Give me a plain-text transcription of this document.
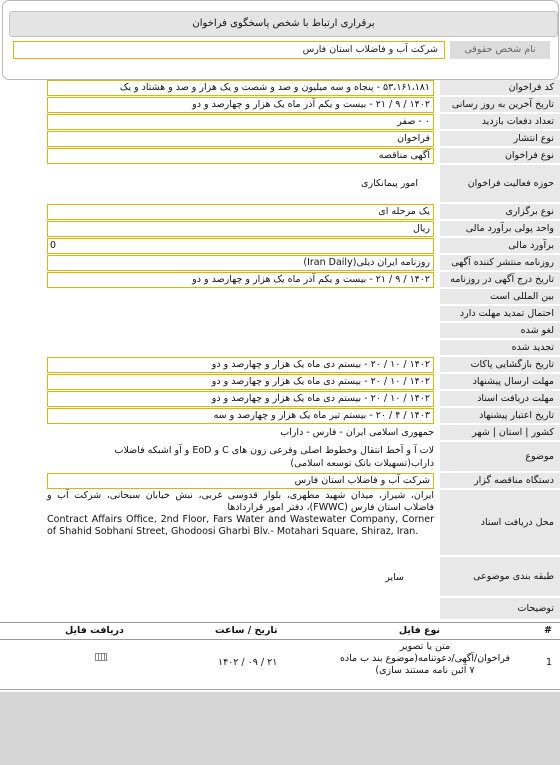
برقراری ارتباط با شخص پاسخگوی فراخوان
نام شخص حقوقی
شرکت آب و فاضلاب استان فارس
کد فراخوان
۵۳،۱۶۱،۱۸۱ - پنجاه و سه میلیون و صد و شصت و یک هزار و صد و هشتاد و یک
تاریخ آخرین به روز رسانی
۱۴۰۲ / ۹ / ۲۱ - بیست و یکم آذر ماه یک هزار و چهارصد و دو
تعداد دفعات بازدید
۰ - صفر
نوع انتشار
فراخوان
نوع فراخوان
آگهی مناقصه
حوزه فعالیت فراخوان
امور پیمانکاری
نوع برگزاری
یک مرحله ای
واحد پولی برآورد مالی
ریال
برآورد مالی
0
روزنامه منتشر کننده آگهی
روزنامه ایران دیلی(Iran Daily)
تاریخ درج آگهی در روزنامه
۱۴۰۲ / ۹ / ۲۱ - بیست و یکم آذر ماه یک هزار و چهارصد و دو
بین المللی است
احتمال تمدید مهلت دارد
لغو شده
تجدید شده
تاریخ بازگشایی پاکات
۱۴۰۲ / ۱۰ / ۲۰ - بیستم دی ماه یک هزار و چهارصد و دو
مهلت ارسال پیشنهاد
۱۴۰۲ / ۱۰ / ۲۰ - بیستم دی ماه یک هزار و چهارصد و دو
مهلت دریافت اسناد
۱۴۰۲ / ۱۰ / ۲۰ - بیستم دی ماه یک هزار و چهارصد و دو
تاریخ اعتبار پیشنهاد
۱۴۰۳ / ۴ / ۲۰ - بیستم تیر ماه یک هزار و چهارصد و سه
کشور | استان | شهر
جمهوری اسلامی ایران - فارس - داراب
موضوع
لات آ و آخط انتقال وخطوط اصلی وفرعی زون های C و EoD و آو اشبکه فاضلاب
داراب(تسهیلات بانک توسعه اسلامی)
دستگاه مناقصه گزار
شرکت آب و فاضلاب استان فارس
محل دریافت اسناد
ایران، شیراز، میدان شهید مطهری، بلوار قدوسی غربی، نبش خیابان سبحانی، شرکت آب و فاضلاب استان فارس (FWWC)، دفتر امور قراردادها
Contract Affairs Office, 2nd Floor, Fars Water and Wastewater Company, Corner of Shahid Sobhani Street, Ghodoosi Gharbi Blv.- Motahari Square, Shiraz, Iran.
طبقه بندی موضوعی
سایر
توضیحات
#
نوع فایل
تاریخ / ساعت
دریافت فایل
1
متن یا تصویر
فراخوان/آگهی/دعوتنامه(موضوع بند ب ماده
۷ آئین نامه مستند سازی)
۱۴۰۲ / ۰۹ / ۲۱
